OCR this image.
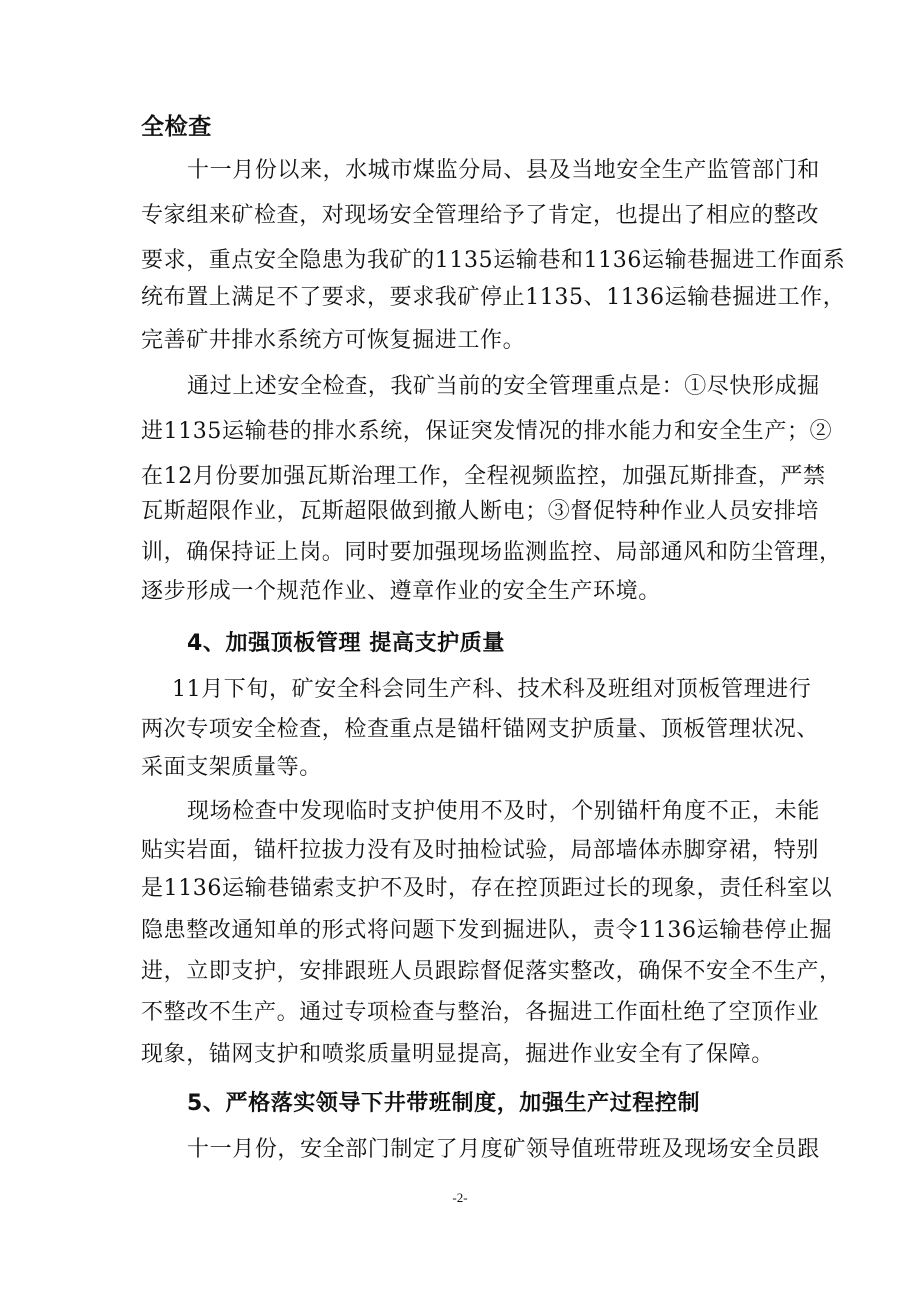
全检查
十一月份以来，水城市煤监分局、县及当地安全生产监管部门和
专家组来矿检查，对现场安全管理给予了肯定，也提出了相应的整改
要求，重点安全隐患为我矿的1135运输巷和1136运输巷掘进工作面系
统布置上满足不了要求，要求我矿停止1135、1136运输巷掘进工作，
完善矿井排水系统方可恢复掘进工作。
通过上述安全检查，我矿当前的安全管理重点是：①尽快形成掘
进1135运输巷的排水系统，保证突发情况的排水能力和安全生产；②
在12月份要加强瓦斯治理工作，全程视频监控，加强瓦斯排查，严禁
瓦斯超限作业，瓦斯超限做到撤人断电；③督促特种作业人员安排培
训，确保持证上岗。同时要加强现场监测监控、局部通风和防尘管理，
逐步形成一个规范作业、遵章作业的安全生产环境。
4、加强顶板管理 提高支护质量
11月下旬，矿安全科会同生产科、技术科及班组对顶板管理进行
两次专项安全检查，检查重点是锚杆锚网支护质量、顶板管理状况、
采面支架质量等。
现场检查中发现临时支护使用不及时，个别锚杆角度不正，未能
贴实岩面，锚杆拉拔力没有及时抽检试验，局部墙体赤脚穿裙，特别
是1136运输巷锚索支护不及时，存在控顶距过长的现象，责任科室以
隐患整改通知单的形式将问题下发到掘进队，责令1136运输巷停止掘
进，立即支护，安排跟班人员跟踪督促落实整改，确保不安全不生产，
不整改不生产。通过专项检查与整治，各掘进工作面杜绝了空顶作业
现象，锚网支护和喷浆质量明显提高，掘进作业安全有了保障。
5、严格落实领导下井带班制度，加强生产过程控制
十一月份，安全部门制定了月度矿领导值班带班及现场安全员跟
-2-
